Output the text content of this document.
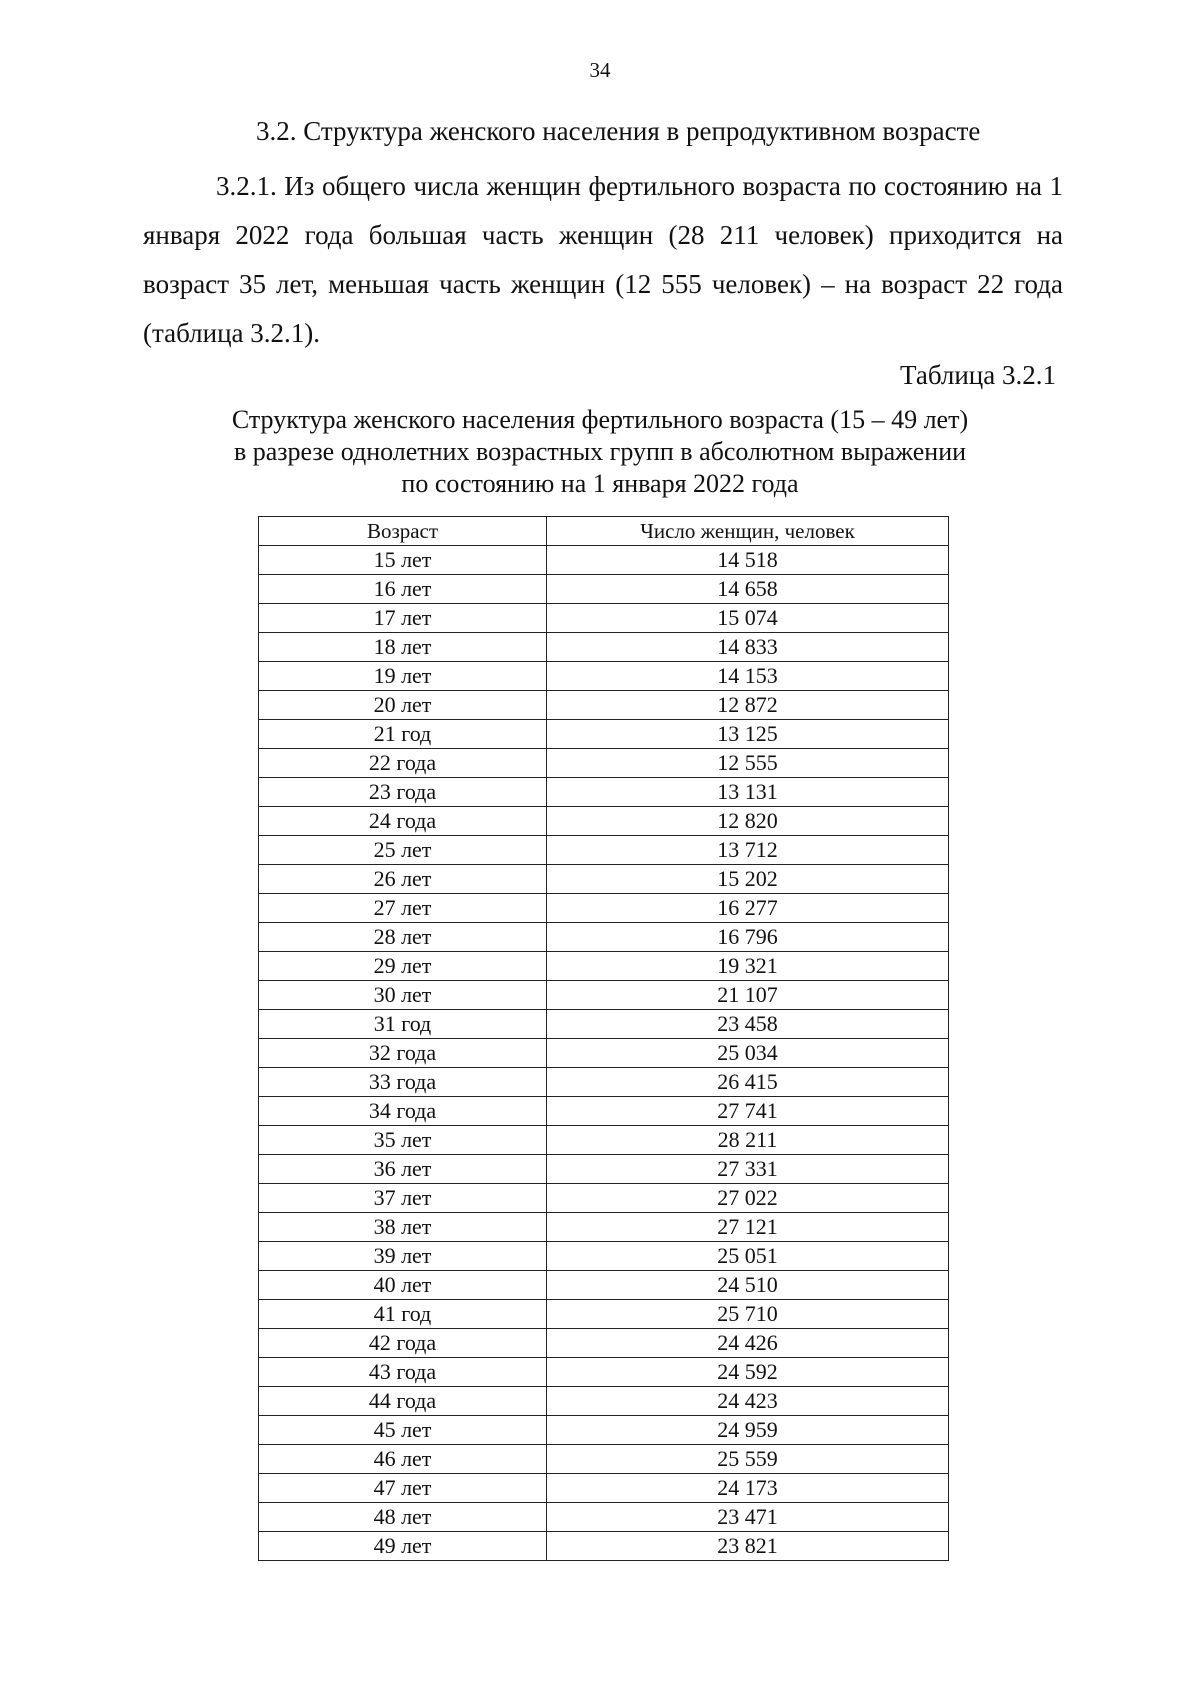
34
3.2. Структура женского населения в репродуктивном возрасте

3.2.1. Из общего числа женщин фертильного возраста по состоянию на 1 января 2022 года большая часть женщин (28 211 человек) приходится на возраст 35 лет, меньшая часть женщин (12 555 человек) – на возраст 22 года (таблица 3.2.1).

Таблица 3.2.1
Структура женского населения фертильного возраста (15 – 49 лет)
в разрезе однолетних возрастных групп в абсолютном выражении
по состоянию на 1 января 2022 года
Возраст	Число женщин, человек
15 лет	14 518
16 лет	14 658
17 лет	15 074
18 лет	14 833
19 лет	14 153
20 лет	12 872
21 год	13 125
22 года	12 555
23 года	13 131
24 года	12 820
25 лет	13 712
26 лет	15 202
27 лет	16 277
28 лет	16 796
29 лет	19 321
30 лет	21 107
31 год	23 458
32 года	25 034
33 года	26 415
34 года	27 741
35 лет	28 211
36 лет	27 331
37 лет	27 022
38 лет	27 121
39 лет	25 051
40 лет	24 510
41 год	25 710
42 года	24 426
43 года	24 592
44 года	24 423
45 лет	24 959
46 лет	25 559
47 лет	24 173
48 лет	23 471
49 лет	23 821
